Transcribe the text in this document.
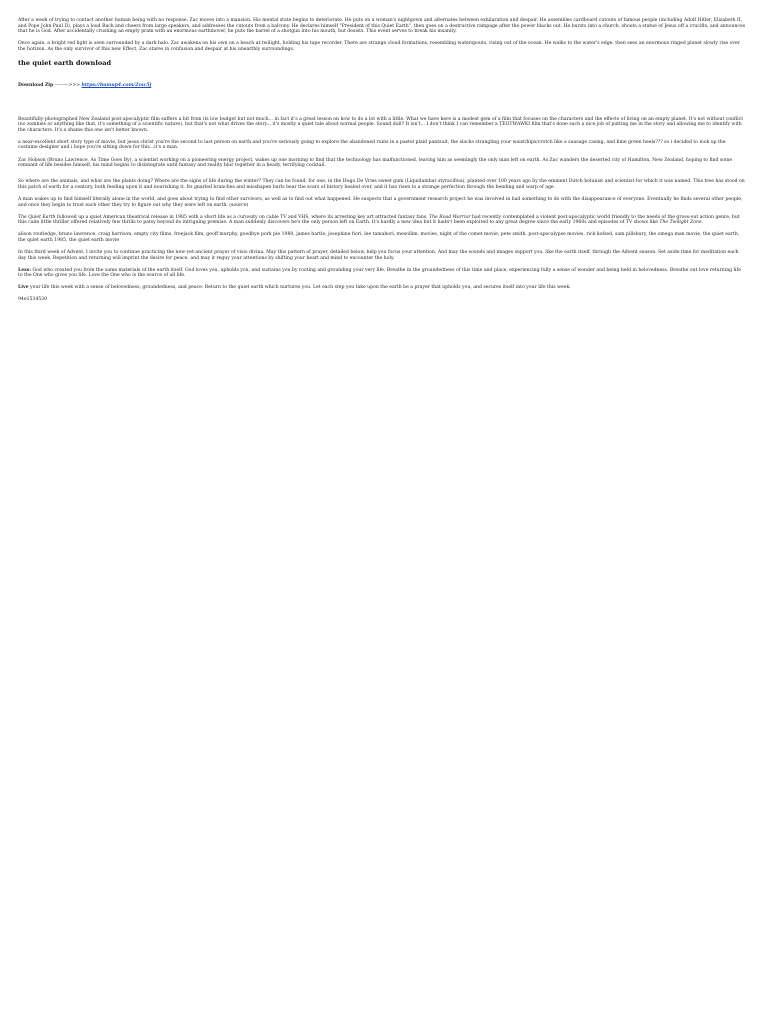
After a week of trying to contact another human being with no response, Zac moves into a mansion. His mental state begins to deteriorate. He puts on a woman's nightgown and alternates between exhilaration and despair. He assembles cardboard cutouts of famous people (including Adolf Hitler, Elizabeth II, and Pope John Paul II), plays a loud Bach and cheers from large speakers, and addresses the cutouts from a balcony. He declares himself "President of this Quiet Earth", then goes on a destructive rampage after the power blacks out. He bursts into a church, shoots a statue of Jesus off a crucifix, and announces that he is God. After accidentally crushing an empty pram with an enormous earthmover, he puts the barrel of a shotgun into his mouth, but desists. This event serves to break his insanity.

Once again, a bright red light is seen surrounded by a dark halo. Zac awakens on his own on a beach at twilight, holding his tape recorder. There are strange cloud formations, resembling waterspouts, rising out of the ocean. He walks to the water's edge, then sees an enormous ringed planet slowly rise over the horizon. As the only survivor of this new Effect, Zac stares in confusion and despair at his unearthly surroundings.

the quiet earth download
Download Zip ———>>> https://bumup4.com/2vsc5j

Beautifully-photographed New Zealand post-apocalyptic film suffers a bit from its low budget but not much... in fact it's a great lesson on how to do a lot with a little. What we have here is a modest gem of a film that focuses on the characters and the effects of living on an empty planet. It's not without conflict (no zombies or anything like that, it's something of a scientific nature), but that's not what drives the story... it's mostly a quiet tale about normal people. Sound dull? It isn't... I don't think I can remember a TEOTWAWKI film that's done such a nice job of putting me in the story and allowing me to identify with the characters. It's a shame this one isn't better known.

a near-excellent short story type of movie, but jesus christ you're the second to last person on earth and you're seriously going to explore the abandoned ruins in a pastel plaid pantsuit, the slacks strangling your waist/hips/crotch like a sausage casing, and lime green heels??? so i decided to look up the costume designer and i hope you're sitting down for this...it's a man.

Zac Hobson (Bruno Lawrence, As Time Goes By), a scientist working on a pioneering energy project, wakes up one morning to find that the technology has malfunctioned, leaving him as seemingly the only man left on earth. As Zac wanders the deserted city of Hamilton, New Zealand, hoping to find some remnant of life besides himself, his mind begins to disintegrate until fantasy and reality blur together in a heady, terrifying cocktail.

So where are the animals, and what are the plants doing? Where are the signs of life during the winter? They can be found, for one, in the Hugo De Vries sweet gum (Liquidambar styraciflua), planted over 100 years ago by the eminent Dutch botanist and scientist for which it was named. This tree has stood on this patch of earth for a century, both feeding upon it and nourishing it. Its gnarled branches and misshapen burls bear the scars of history healed over, and it has risen to a strange perfection through the bending and warp of age.

A man wakes up to find himself literally alone in the world, and goes about trying to find other survivors, as well as to find out what happened. He suspects that a government research project he was involved in had something to do with the disappearance of everyone. Eventually he finds several other people, and once they begin to trust each other they try to figure out why they were left on earth. (source)

The Quiet Earth followed up a quiet American theatrical release in 1985 with a short life as a curiosity on cable TV and VHS, where its arresting key art attracted fantasy fans. The Road Warrior had recently contemplated a violent post-apocalyptic world friendly to the needs of the gross-out action genre, but this calm little thriller offered relatively few thrills to patsy beyond its intriguing premise. A man suddenly discovers he's the only person left on Earth. It's hardly a new idea but it hadn't been exploited to any great degree since the early 1960s and episodes of TV shows like The Twilight Zone.

alison routledge, bruno lawrence, craig harrison, empty city films, freejack film, geoff murphy, goodbye pork pie 1980, james bartle, josephine fiori, lee tamahori, mesollim. movies, night of the comet movie, pete smith, post-apocalypse movies, rick kofsed, sam pillsbury, the omega man movie, the quiet earth, the quiet earth 1985, the quiet earth movie

In this third week of Advent, I invite you to continue practicing the new-yet-ancient prayer of visio divina. May this pattern of prayer, detailed below, help you focus your attention. And may the sounds and images support you, like the earth itself, through the Advent season. Set aside time for meditation each day this week. Repetition and returning will imprint the desire for peace, and may it reguy your attentions by shifting your heart and mind to encounter the holy.

Less: God who created you from the same materials of the earth itself. God loves you, upholds you, and sustains you by rooting and grounding your very life. Breathe in the groundedness of this time and place, experiencing fully a sense of wonder and being held in belovedness. Breathe out love returning life to the One who gives you life. Love the One who is the source of all life.

Live your life this week with a sense of belovedness, groundedness, and peace. Return to the quiet earth which nurtures you. Let each step you take upon the earth be a prayer that upholds you, and secures itself into your life this week.

94e1534530
